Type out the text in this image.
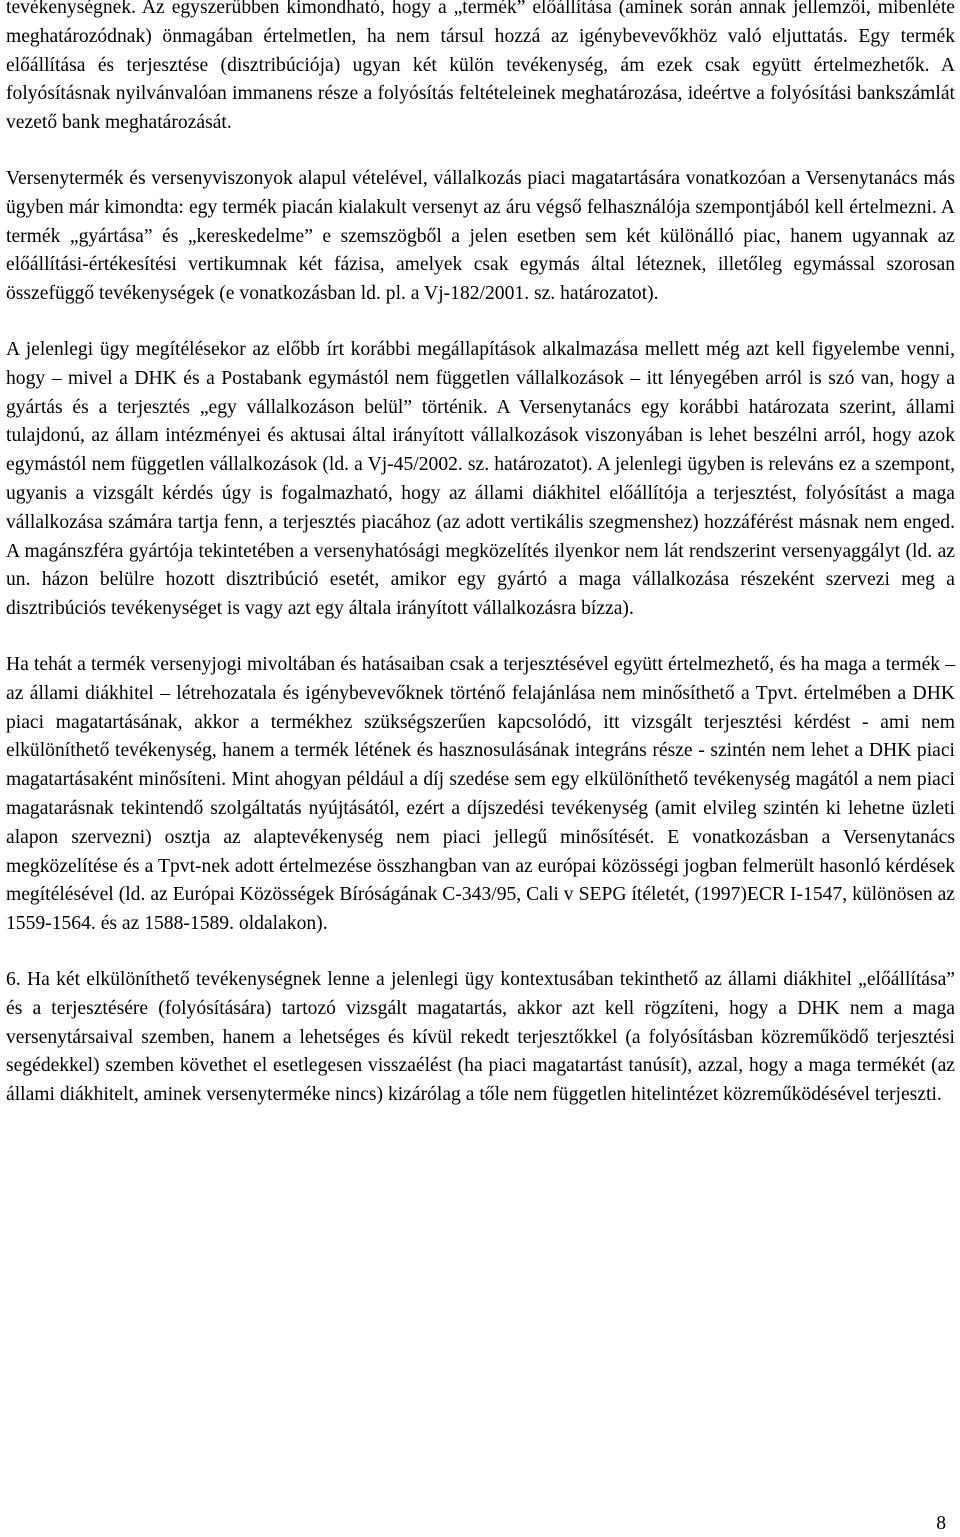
tevékenységnek. Az egyszerűbben kimondható, hogy a „termék” előállítása (aminek során annak jellemzői, mibenléte meghatározódnak) önmagában értelmetlen, ha nem társul hozzá az igénybevevőkhöz való eljuttatás. Egy termék előállítása és terjesztése (disztribúciója) ugyan két külön tevékenység, ám ezek csak együtt értelmezhetők. A folyósításnak nyilvánvalóan immanens része a folyósítás feltételeinek meghatározása, ideértve a folyósítási bankszámlát vezető bank meghatározását.

Versenytermék és versenyviszonyok alapul vételével, vállalkozás piaci magatartására vonatkozóan a Versenytanács más ügyben már kimondta: egy termék piacán kialakult versenyt az áru végső felhasználója szempontjából kell értelmezni. A termék „gyártása” és „kereskedelme” e szemszögből a jelen esetben sem két különálló piac, hanem ugyannak az előállítási-értékesítési vertikumnak két fázisa, amelyek csak egymás által léteznek, illetőleg egymással szorosan összefüggő tevékenységek (e vonatkozásban ld. pl. a Vj-182/2001. sz. határozatot).

A jelenlegi ügy megítélésekor az előbb írt korábbi megállapítások alkalmazása mellett még azt kell figyelembe venni, hogy – mivel a DHK és a Postabank egymástól nem független vállalkozások – itt lényegében arról is szó van, hogy a gyártás és a terjesztés „egy vállalkozáson belül” történik. A Versenytanács egy korábbi határozata szerint, állami tulajdonú, az állam intézményei és aktusai által irányított vállalkozások viszonyában is lehet beszélni arról, hogy azok egymástól nem független vállalkozások (ld. a Vj-45/2002. sz. határozatot). A jelenlegi ügyben is releváns ez a szempont, ugyanis a vizsgált kérdés úgy is fogalmazható, hogy az állami diákhitel előállítója a terjesztést, folyósítást a maga vállalkozása számára tartja fenn, a terjesztés piacához (az adott vertikális szegmenshez) hozzáférést másnak nem enged. A magánszféra gyártója tekintetében a versenyhatósági megközelítés ilyenkor nem lát rendszerint versenyaggályt (ld. az un. házon belülre hozott disztribúció esetét, amikor egy gyártó a maga vállalkozása részeként szervezi meg a disztribúciós tevékenységet is vagy azt egy általa irányított vállalkozásra bízza).

Ha tehát a termék versenyjogi mivoltában és hatásaiban csak a terjesztésével együtt értelmezhető, és ha maga a termék – az állami diákhitel – létrehozatala és igénybevevőknek történő felajánlása nem minősíthető a Tpvt. értelmében a DHK piaci magatartásának, akkor a termékhez szükségszerűen kapcsolódó, itt vizsgált terjesztési kérdést - ami nem elkülöníthető tevékenység, hanem a termék létének és hasznosulásának integráns része - szintén nem lehet a DHK piaci magatartásaként minősíteni. Mint ahogyan például a díj szedése sem egy elkülöníthető tevékenység magától a nem piaci magatarásnak tekintendő szolgáltatás nyújtásától, ezért a díjszedési tevékenység (amit elvileg szintén ki lehetne üzleti alapon szervezni) osztja az alaptevékenység nem piaci jellegű minősítését. E vonatkozásban a Versenytanács megközelítése és a Tpvt-nek adott értelmezése összhangban van az európai közösségi jogban felmerült hasonló kérdések megítélésével (ld. az Európai Közösségek Bíróságának C-343/95, Cali v SEPG ítéletét, (1997)ECR I-1547, különösen az 1559-1564. és az 1588-1589. oldalakon).

6. Ha két elkülöníthető tevékenységnek lenne a jelenlegi ügy kontextusában tekinthető az állami diákhitel „előállítása” és a terjesztésére (folyósítására) tartozó vizsgált magatartás, akkor azt kell rögzíteni, hogy a DHK nem a maga versenytársaival szemben, hanem a lehetséges és kívül rekedt terjesztőkkel (a folyósításban közreműködő terjesztési segédekkel) szemben követhet el esetlegesen visszaélést (ha piaci magatartást tanúsít), azzal, hogy a maga termékét (az állami diákhitelt, aminek versenyterméke nincs) kizárólag a tőle nem független hitelintézet közreműködésével terjeszti.

8
